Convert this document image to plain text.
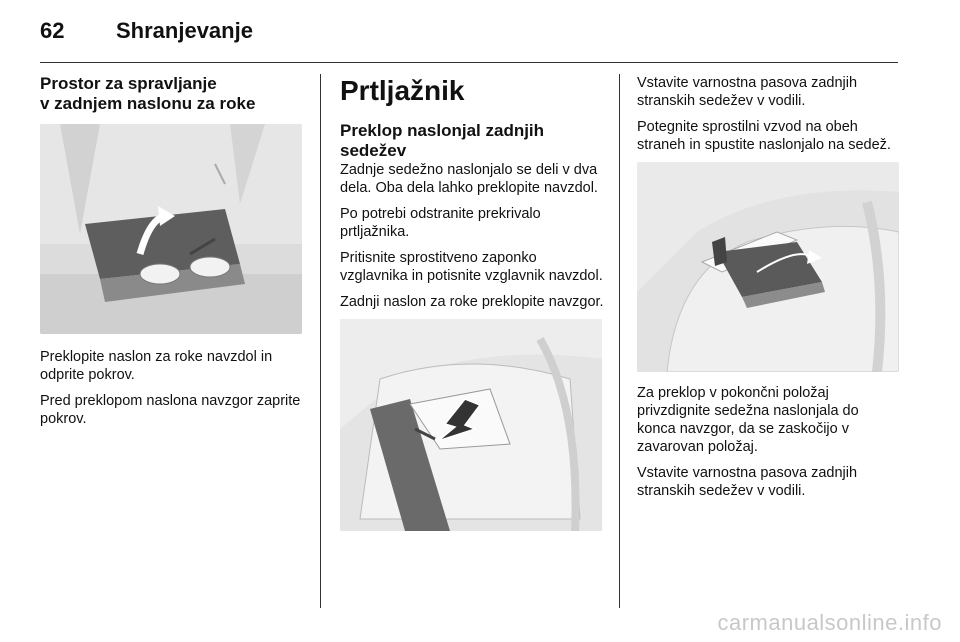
62	Shranjevanje
Prostor za spravljanje
v zadnjem naslonu za roke

Preklopite naslon za roke navzdol in odprite pokrov.

Pred preklopom naslona navzgor zaprite pokrov.

Prtljažnik
Preklop naslonjal zadnjih sedežev

Zadnje sedežno naslonjalo se deli v dva dela. Oba dela lahko preklopite navzdol.

Po potrebi odstranite prekrivalo prtljažnika.

Pritisnite sprostitveno zaponko vzglavnika in potisnite vzglavnik navzdol.

Zadnji naslon za roke preklopite navzgor.

Vstavite varnostna pasova zadnjih stranskih sedežev v vodili.

Potegnite sprostilni vzvod na obeh straneh in spustite naslonjalo na sedež.

Za preklop v pokončni položaj privzdignite sedežna naslonjala do konca navzgor, da se zaskočijo v zavarovan položaj.

Vstavite varnostna pasova zadnjih stranskih sedežev v vodili.

carmanualsonline.info
